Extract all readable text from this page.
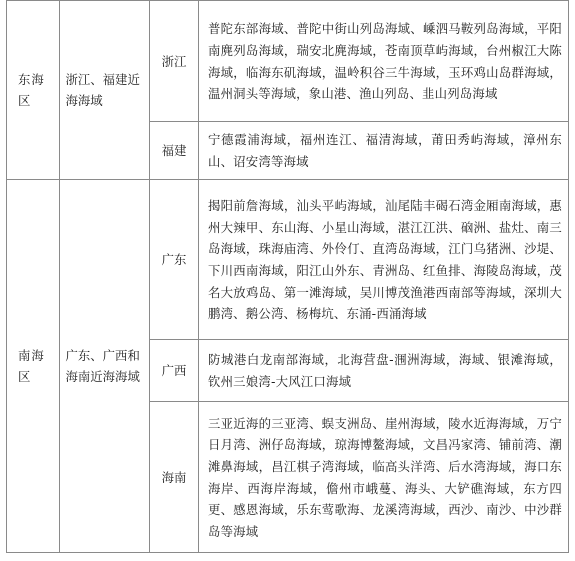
东海区	浙江、福建近海海域	浙江	普陀东部海域、普陀中街山列岛海域、嵊泗马鞍列岛海域，平阳南麂列岛海域，瑞安北麂海域，苍南顶草屿海域，台州椒江大陈海域，临海东矶海域，温岭积谷三牛海域，玉环鸡山岛群海域，温州洞头等海域，象山港、渔山列岛、韭山列岛海域
		福建	宁德霞浦海域，福州连江、福清海域，莆田秀屿海域，漳州东山、诏安湾等海域
南海区	广东、广西和海南近海海域	广东	揭阳前詹海域，汕头平屿海域，汕尾陆丰碣石湾金厢南海域，惠州大辣甲、东山海、小星山海域，湛江江洪、硇洲、盐灶、南三岛海域，珠海庙湾、外伶仃、直湾岛海域，江门乌猪洲、沙堤、下川西南海域，阳江山外东、青洲岛、红鱼排、海陵岛海域，茂名大放鸡岛、第一滩海域，吴川博茂渔港西南部等海域，深圳大鹏湾、鹅公湾、杨梅坑、东涌-西涌海域
		广西	防城港白龙南部海域，北海营盘-涠洲海域，海域、银滩海域，钦州三娘湾-大风江口海域
		海南	三亚近海的三亚湾、蜈支洲岛、崖州海域，陵水近海海域，万宁日月湾、洲仔岛海域，琼海博鳌海域，文昌冯家湾、铺前湾、潮滩鼻海域，昌江棋子湾海域，临高头洋湾、后水湾海域，海口东海岸、西海岸海域，儋州市峨蔓、海头、大铲礁海域，东方四更、感恩海域，乐东莺歌海、龙溪湾海域，西沙、南沙、中沙群岛等海域
